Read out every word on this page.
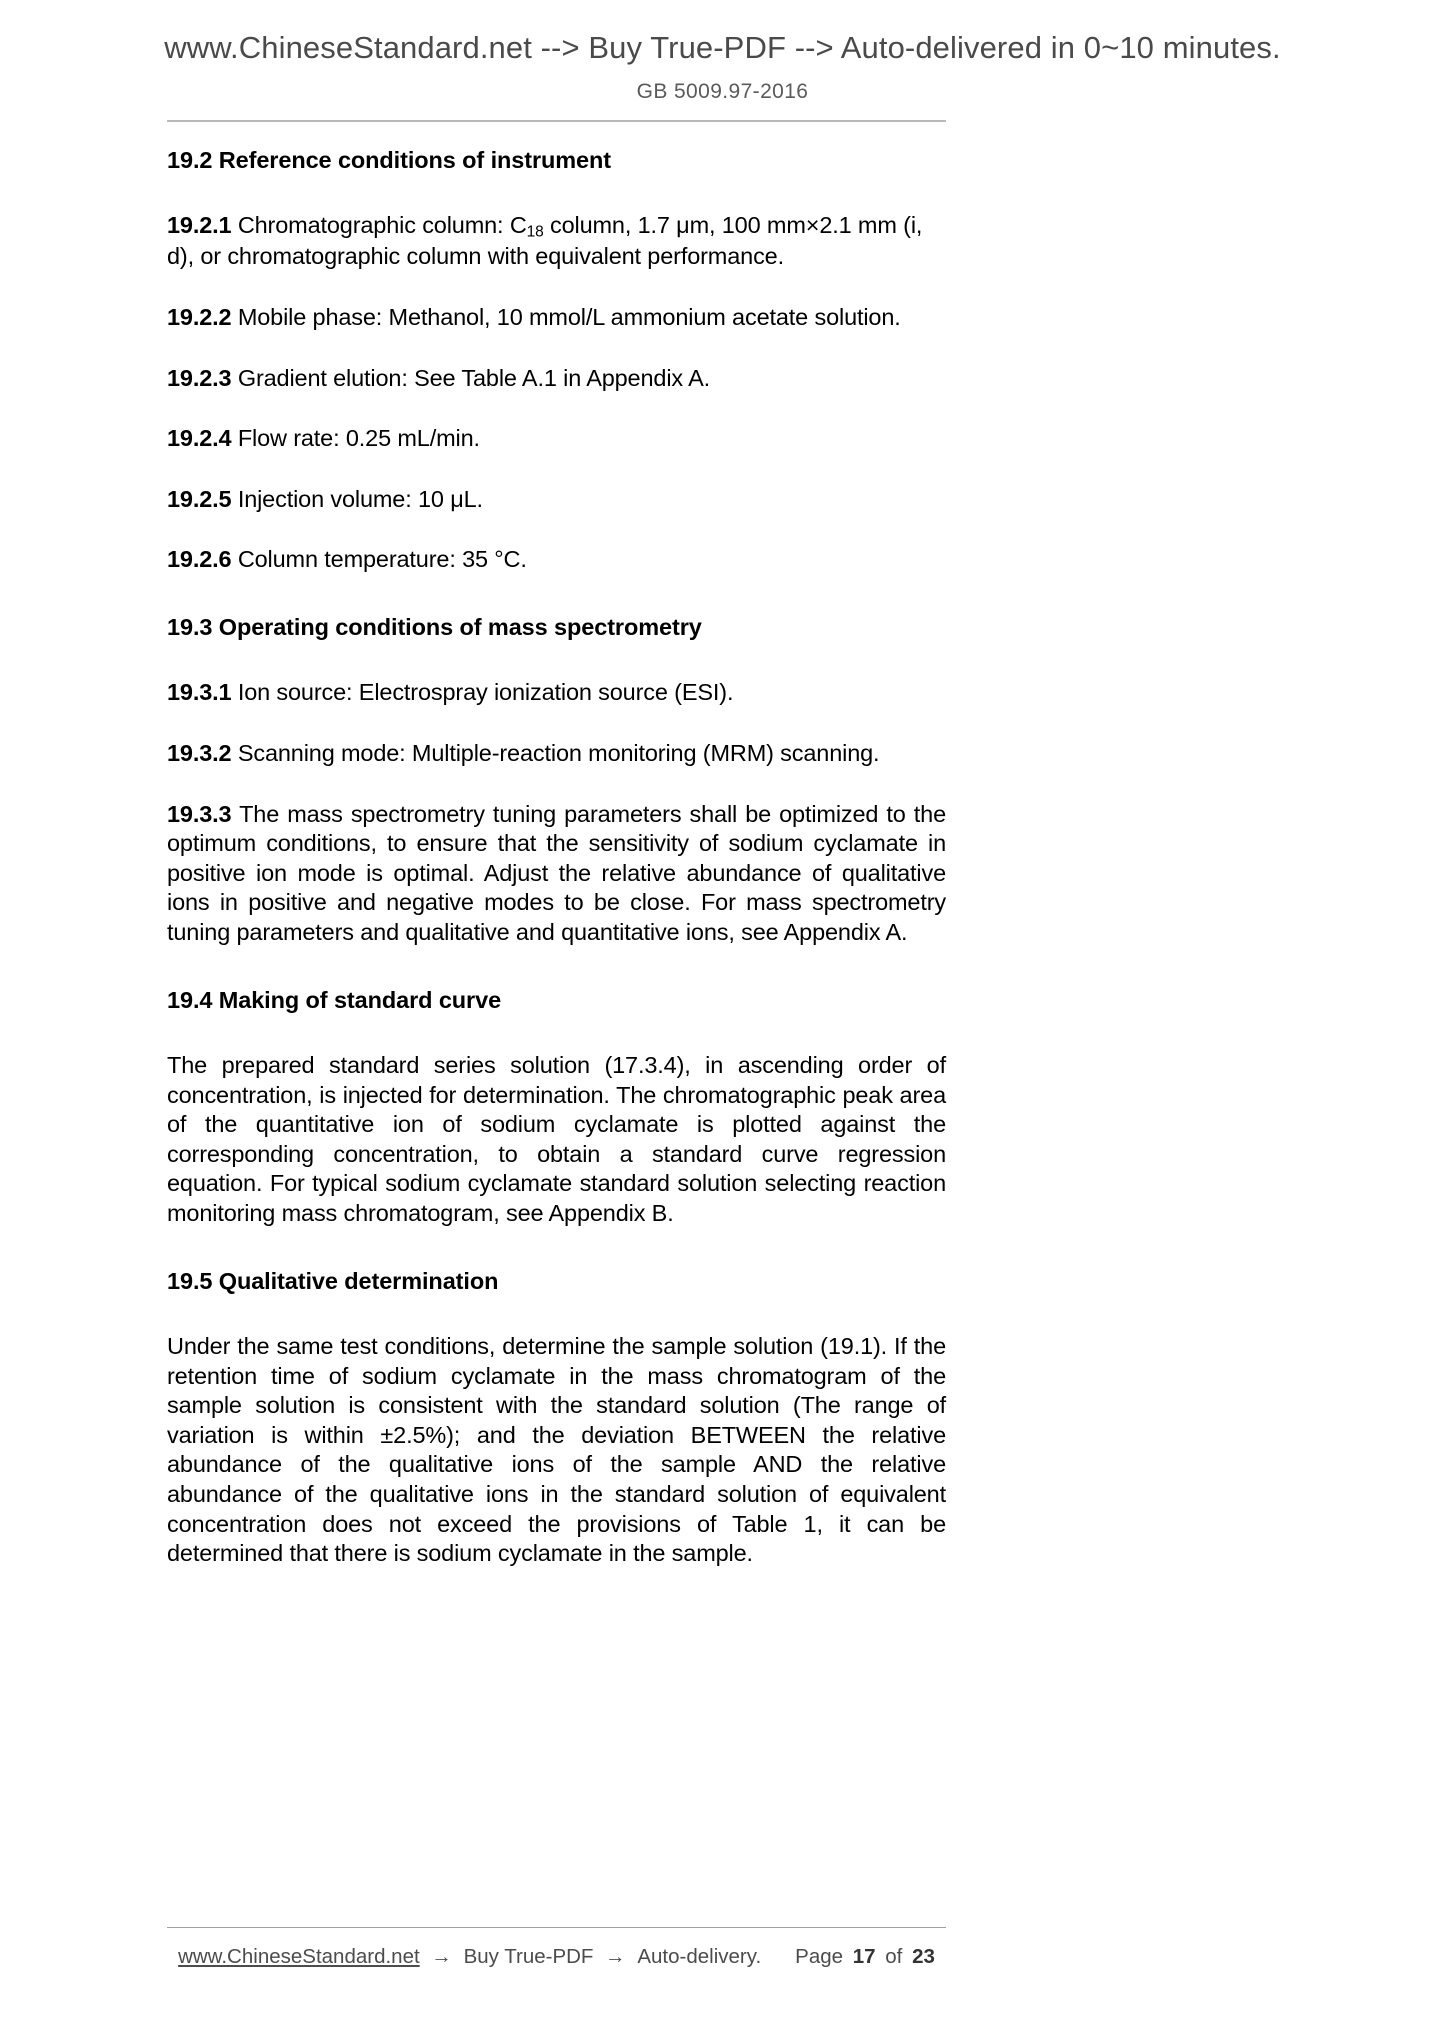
www.ChineseStandard.net --> Buy True-PDF --> Auto-delivered in 0~10 minutes.
GB 5009.97-2016
19.2 Reference conditions of instrument

19.2.1 Chromatographic column: $C_{18}$ column, 1.7 μm, 100 mm×2.1 mm (i, d), or chromatographic column with equivalent performance.

19.2.2 Mobile phase: Methanol, 10 mmol/L ammonium acetate solution.

19.2.3 Gradient elution: See Table A.1 in Appendix A.

19.2.4 Flow rate: 0.25 mL/min.

19.2.5 Injection volume: 10 μL.

19.2.6 Column temperature: 35 °C.

19.3 Operating conditions of mass spectrometry

19.3.1 Ion source: Electrospray ionization source (ESI).

19.3.2 Scanning mode: Multiple-reaction monitoring (MRM) scanning.

19.3.3 The mass spectrometry tuning parameters shall be optimized to the optimum conditions, to ensure that the sensitivity of sodium cyclamate in positive ion mode is optimal. Adjust the relative abundance of qualitative ions in positive and negative modes to be close. For mass spectrometry tuning parameters and qualitative and quantitative ions, see Appendix A.

19.4 Making of standard curve

The prepared standard series solution (17.3.4), in ascending order of concentration, is injected for determination. The chromatographic peak area of the quantitative ion of sodium cyclamate is plotted against the corresponding concentration, to obtain a standard curve regression equation. For typical sodium cyclamate standard solution selecting reaction monitoring mass chromatogram, see Appendix B.

19.5 Qualitative determination

Under the same test conditions, determine the sample solution (19.1). If the retention time of sodium cyclamate in the mass chromatogram of the sample solution is consistent with the standard solution (The range of variation is within ±2.5%); and the deviation BETWEEN the relative abundance of the qualitative ions of the sample AND the relative abundance of the qualitative ions in the standard solution of equivalent concentration does not exceed the provisions of Table 1, it can be determined that there is sodium cyclamate in the sample.

www.ChineseStandard.net → Buy True-PDF → Auto-delivery. Page 17 of 23
